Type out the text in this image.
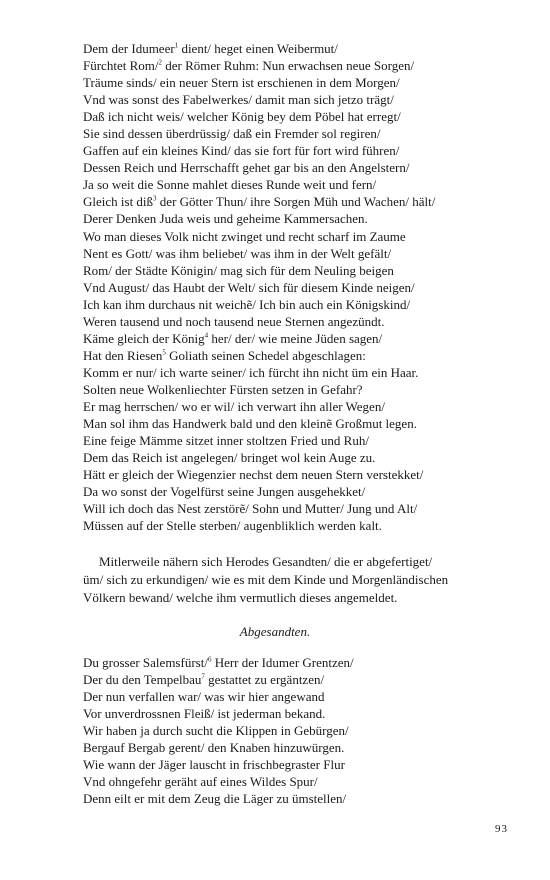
Dem der Idumeer$^1$ dient/ heget einen Weibermut/
Fürchtet Rom/$^2$ der Römer Ruhm: Nun erwachsen neue Sorgen/
Träume sinds/ ein neuer Stern ist erschienen in dem Morgen/
Vnd was sonst des Fabelwerkes/ damit man sich jetzo trägt/
Daß ich nicht weis/ welcher König bey dem Pöbel hat erregt/
Sie sind dessen überdrüssig/ daß ein Fremder sol regiren/
Gaffen auf ein kleines Kind/ das sie fort für fort wird führen/
Dessen Reich und Herrschafft gehet gar bis an den Angelstern/
Ja so weit die Sonne mahlet dieses Runde weit und fern/
Gleich ist diß$^3$ der Götter Thun/ ihre Sorgen Müh und Wachen/ hält/
Derer Denken Juda weis und geheime Kammersachen.
Wo man dieses Volk nicht zwinget und recht scharf im Zaume
Nent es Gott/ was ihm beliebet/ was ihm in der Welt gefält/
Rom/ der Städte Königin/ mag sich für dem Neuling beigen
Vnd August/ das Haubt der Welt/ sich für diesem Kinde neigen/
Ich kan ihm durchaus nit weichẽ/ Ich bin auch ein Königskind/
Weren tausend und noch tausend neue Sternen angezündt.
Käme gleich der König$^4$ her/ der/ wie meine Jüden sagen/
Hat den Riesen$^5$ Goliath seinen Schedel abgeschlagen:
Komm er nur/ ich warte seiner/ ich fürcht ihn nicht üm ein Haar.
Solten neue Wolkenliechter Fürsten setzen in Gefahr?
Er mag herrschen/ wo er wil/ ich verwart ihn aller Wegen/
Man sol ihm das Handwerk bald und den kleinẽ Großmut legen.
Eine feige Mämme sitzet inner stoltzen Fried und Ruh/
Dem das Reich ist angelegen/ bringet wol kein Auge zu.
Hätt er gleich der Wiegenzier nechst dem neuen Stern verstekket/
Da wo sonst der Vogelfürst seine Jungen ausgehekket/
Will ich doch das Nest zerstörẽ/ Sohn und Mutter/ Jung und Alt/
Müssen auf der Stelle sterben/ augenbliklich werden kalt.
Mitlerweile nähern sich Herodes Gesandten/ die er abgefertiget/
üm/ sich zu erkundigen/ wie es mit dem Kinde und Morgenländischen
Völkern bewand/ welche ihm vermutlich dieses angemeldet.
Abgesandten.
Du grosser Salemsfürst/$^6$ Herr der Idumer Grentzen/
Der du den Tempelbau$^7$ gestattet zu ergäntzen/
Der nun verfallen war/ was wir hier angewand
Vor unverdrossnen Fleiß/ ist jederman bekand.
Wir haben ja durch sucht die Klippen in Gebürgen/
Bergauf Bergab gerent/ den Knaben hinzuwürgen.
Wie wann der Jäger lauscht in frischbegraster Flur
Vnd ohngefehr geräht auf eines Wildes Spur/
Denn eilt er mit dem Zeug die Läger zu ümstellen/
93
